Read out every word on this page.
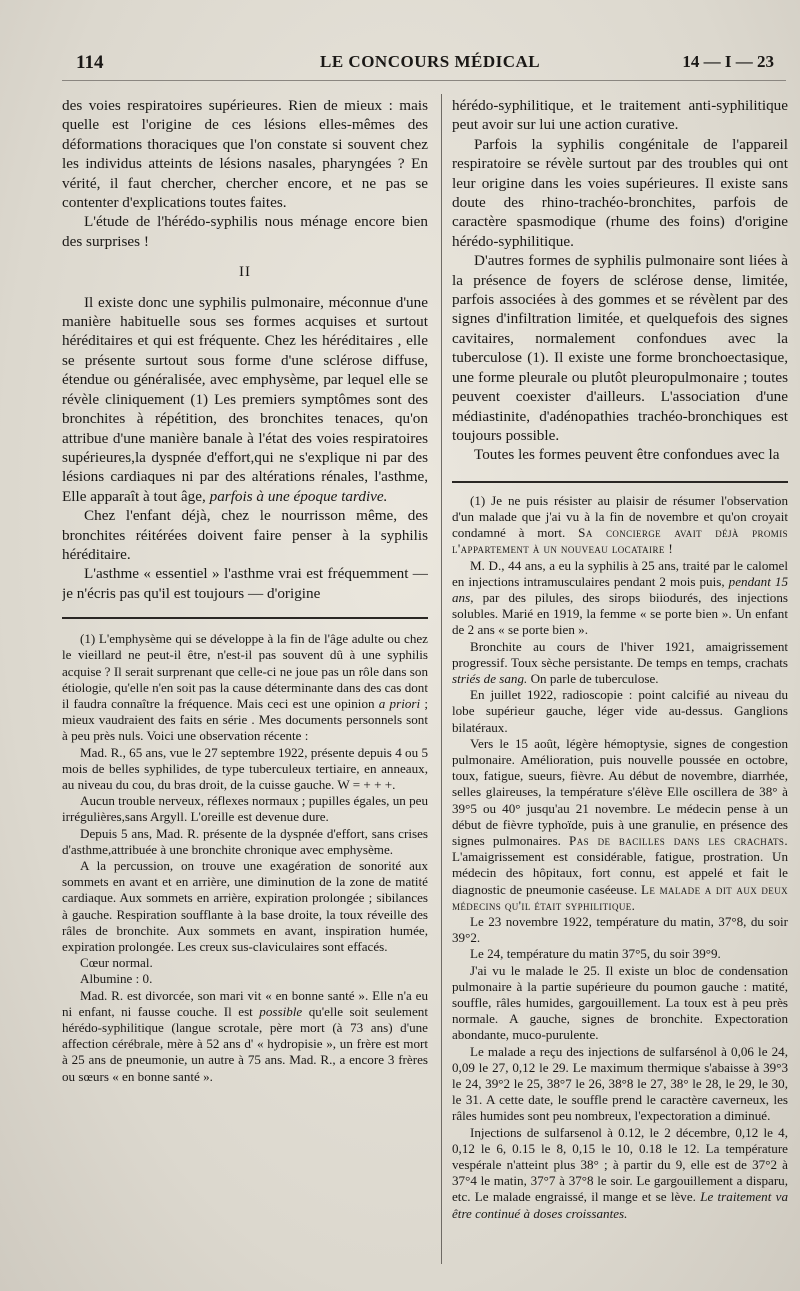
114	LE CONCOURS MÉDICAL	14 — I — 23

des voies respiratoires supérieures. Rien de mieux : mais quelle est l'origine de ces lésions elles-mêmes des déformations thoraciques que l'on constate si souvent chez les individus atteints de lésions nasales, pharyngées ? En vérité, il faut chercher, chercher encore, et ne pas se contenter d'explications toutes faites.

L'étude de l'hérédo-syphilis nous ménage encore bien des surprises !

II

Il existe donc une syphilis pulmonaire, méconnue d'une manière habituelle sous ses formes acquises et surtout héréditaires et qui est fréquente. Chez les héréditaires , elle se présente surtout sous forme d'une sclérose diffuse, étendue ou généralisée, avec emphysème, par lequel elle se révèle cliniquement (1) Les premiers symptômes sont des bronchites à répétition, des bronchites tenaces, qu'on attribue d'une manière banale à l'état des voies respiratoires supérieures,la dyspnée d'effort,qui ne s'explique ni par des lésions cardiaques ni par des altérations rénales, l'asthme, Elle apparaît à tout âge, parfois à une époque tardive.

Chez l'enfant déjà, chez le nourrisson même, des bronchites réitérées doivent faire penser à la syphilis héréditaire.

L'asthme « essentiel » l'asthme vrai est fréquemment — je n'écris pas qu'il est toujours — d'origine

(1) L'emphysème qui se développe à la fin de l'âge adulte ou chez le vieillard ne peut-il être, n'est-il pas souvent dû à une syphilis acquise ? Il serait surprenant que celle-ci ne joue pas un rôle dans son étiologie, qu'elle n'en soit pas la cause déterminante dans des cas dont il faudra connaître la fréquence. Mais ceci est une opinion a priori ; mieux vaudraient des faits en série . Mes documents personnels sont à peu près nuls. Voici une observation récente :

Mad. R., 65 ans, vue le 27 septembre 1922, présente depuis 4 ou 5 mois de belles syphilides, de type tuberculeux tertiaire, en anneaux, au niveau du cou, du bras droit, de la cuisse gauche. W = + + +.

Aucun trouble nerveux, réflexes normaux ; pupilles égales, un peu irrégulières,sans Argyll. L'oreille est devenue dure.

Depuis 5 ans, Mad. R. présente de la dyspnée d'effort, sans crises d'asthme,attribuée à une bronchite chronique avec emphysème.

A la percussion, on trouve une exagération de sonorité aux sommets en avant et en arrière, une diminution de la zone de matité cardiaque. Aux sommets en arrière, expiration prolongée ; sibilances à gauche. Respiration soufflante à la base droite, la toux réveille des râles de bronchite. Aux sommets en avant, inspiration humée, expiration prolongée. Les creux sus-claviculaires sont effacés.

Cœur normal.

Albumine : 0.

Mad. R. est divorcée, son mari vit « en bonne santé ». Elle n'a eu ni enfant, ni fausse couche. Il est possible qu'elle soit seulement hérédo-syphilitique (langue scrotale, père mort (à 73 ans) d'une affection cérébrale, mère à 52 ans d' « hydropisie », un frère est mort à 25 ans de pneumonie, un autre à 75 ans. Mad. R., a encore 3 frères ou sœurs « en bonne santé ».

hérédo-syphilitique, et le traitement anti-syphilitique peut avoir sur lui une action curative.

Parfois la syphilis congénitale de l'appareil respiratoire se révèle surtout par des troubles qui ont leur origine dans les voies supérieures. Il existe sans doute des rhino-trachéo-bronchites, parfois de caractère spasmodique (rhume des foins) d'origine hérédo-syphilitique.

D'autres formes de syphilis pulmonaire sont liées à la présence de foyers de sclérose dense, limitée, parfois associées à des gommes et se révèlent par des signes d'infiltration limitée, et quelquefois des signes cavitaires, normalement confondues avec la tuberculose (1). Il existe une forme bronchoectasique, une forme pleurale ou plutôt pleuropulmonaire ; toutes peuvent coexister d'ailleurs. L'association d'une médiastinite, d'adénopathies trachéo-bronchiques est toujours possible.

Toutes les formes peuvent être confondues avec la

(1) Je ne puis résister au plaisir de résumer l'observation d'un malade que j'ai vu à la fin de novembre et qu'on croyait condamné à mort. Sa concierge avait déjà promis l'appartement à un nouveau locataire !

M. D., 44 ans, a eu la syphilis à 25 ans, traité par le calomel en injections intramusculaires pendant 2 mois puis, pendant 15 ans, par des pilules, des sirops biiodurés, des injections solubles. Marié en 1919, la femme « se porte bien ». Un enfant de 2 ans « se porte bien ».

Bronchite au cours de l'hiver 1921, amaigrissement progressif. Toux sèche persistante. De temps en temps, crachats striés de sang. On parle de tuberculose.

En juillet 1922, radioscopie : point calcifié au niveau du lobe supérieur gauche, léger vide au-dessus. Ganglions bilatéraux.

Vers le 15 août, légère hémoptysie, signes de congestion pulmonaire. Amélioration, puis nouvelle poussée en octobre, toux, fatigue, sueurs, fièvre. Au début de novembre, diarrhée, selles glaireuses, la température s'élève Elle oscillera de 38° à 39°5 ou 40° jusqu'au 21 novembre. Le médecin pense à un début de fièvre typhoïde, puis à une granulie, en présence des signes pulmonaires. Pas de bacilles dans les crachats. L'amaigrissement est considérable, fatigue, prostration. Un médecin des hôpitaux, fort connu, est appelé et fait le diagnostic de pneumonie caséeuse. Le malade a dit aux deux médecins qu'il était syphilitique.

Le 23 novembre 1922, température du matin, 37°8, du soir 39°2.

Le 24, température du matin 37°5, du soir 39°9.

J'ai vu le malade le 25. Il existe un bloc de condensation pulmonaire à la partie supérieure du poumon gauche : matité, souffle, râles humides, gargouillement. La toux est à peu près normale. A gauche, signes de bronchite. Expectoration abondante, muco-purulente.

Le malade a reçu des injections de sulfarsénol à 0,06 le 24, 0,09 le 27, 0,12 le 29. Le maximum thermique s'abaisse à 39°3 le 24, 39°2 le 25, 38°7 le 26, 38°8 le 27, 38° le 28, le 29, le 30, le 31. A cette date, le souffle prend le caractère caverneux, les râles humides sont peu nombreux, l'expectoration a diminué.

Injections de sulfarsenol à 0.12, le 2 décembre, 0,12 le 4, 0,12 le 6, 0.15 le 8, 0,15 le 10, 0.18 le 12. La température vespérale n'atteint plus 38° ; à partir du 9, elle est de 37°2 à 37°4 le matin, 37°7 à 37°8 le soir. Le gargouillement a disparu, etc. Le malade engraissé, il mange et se lève. Le traitement va être continué à doses croissantes.
